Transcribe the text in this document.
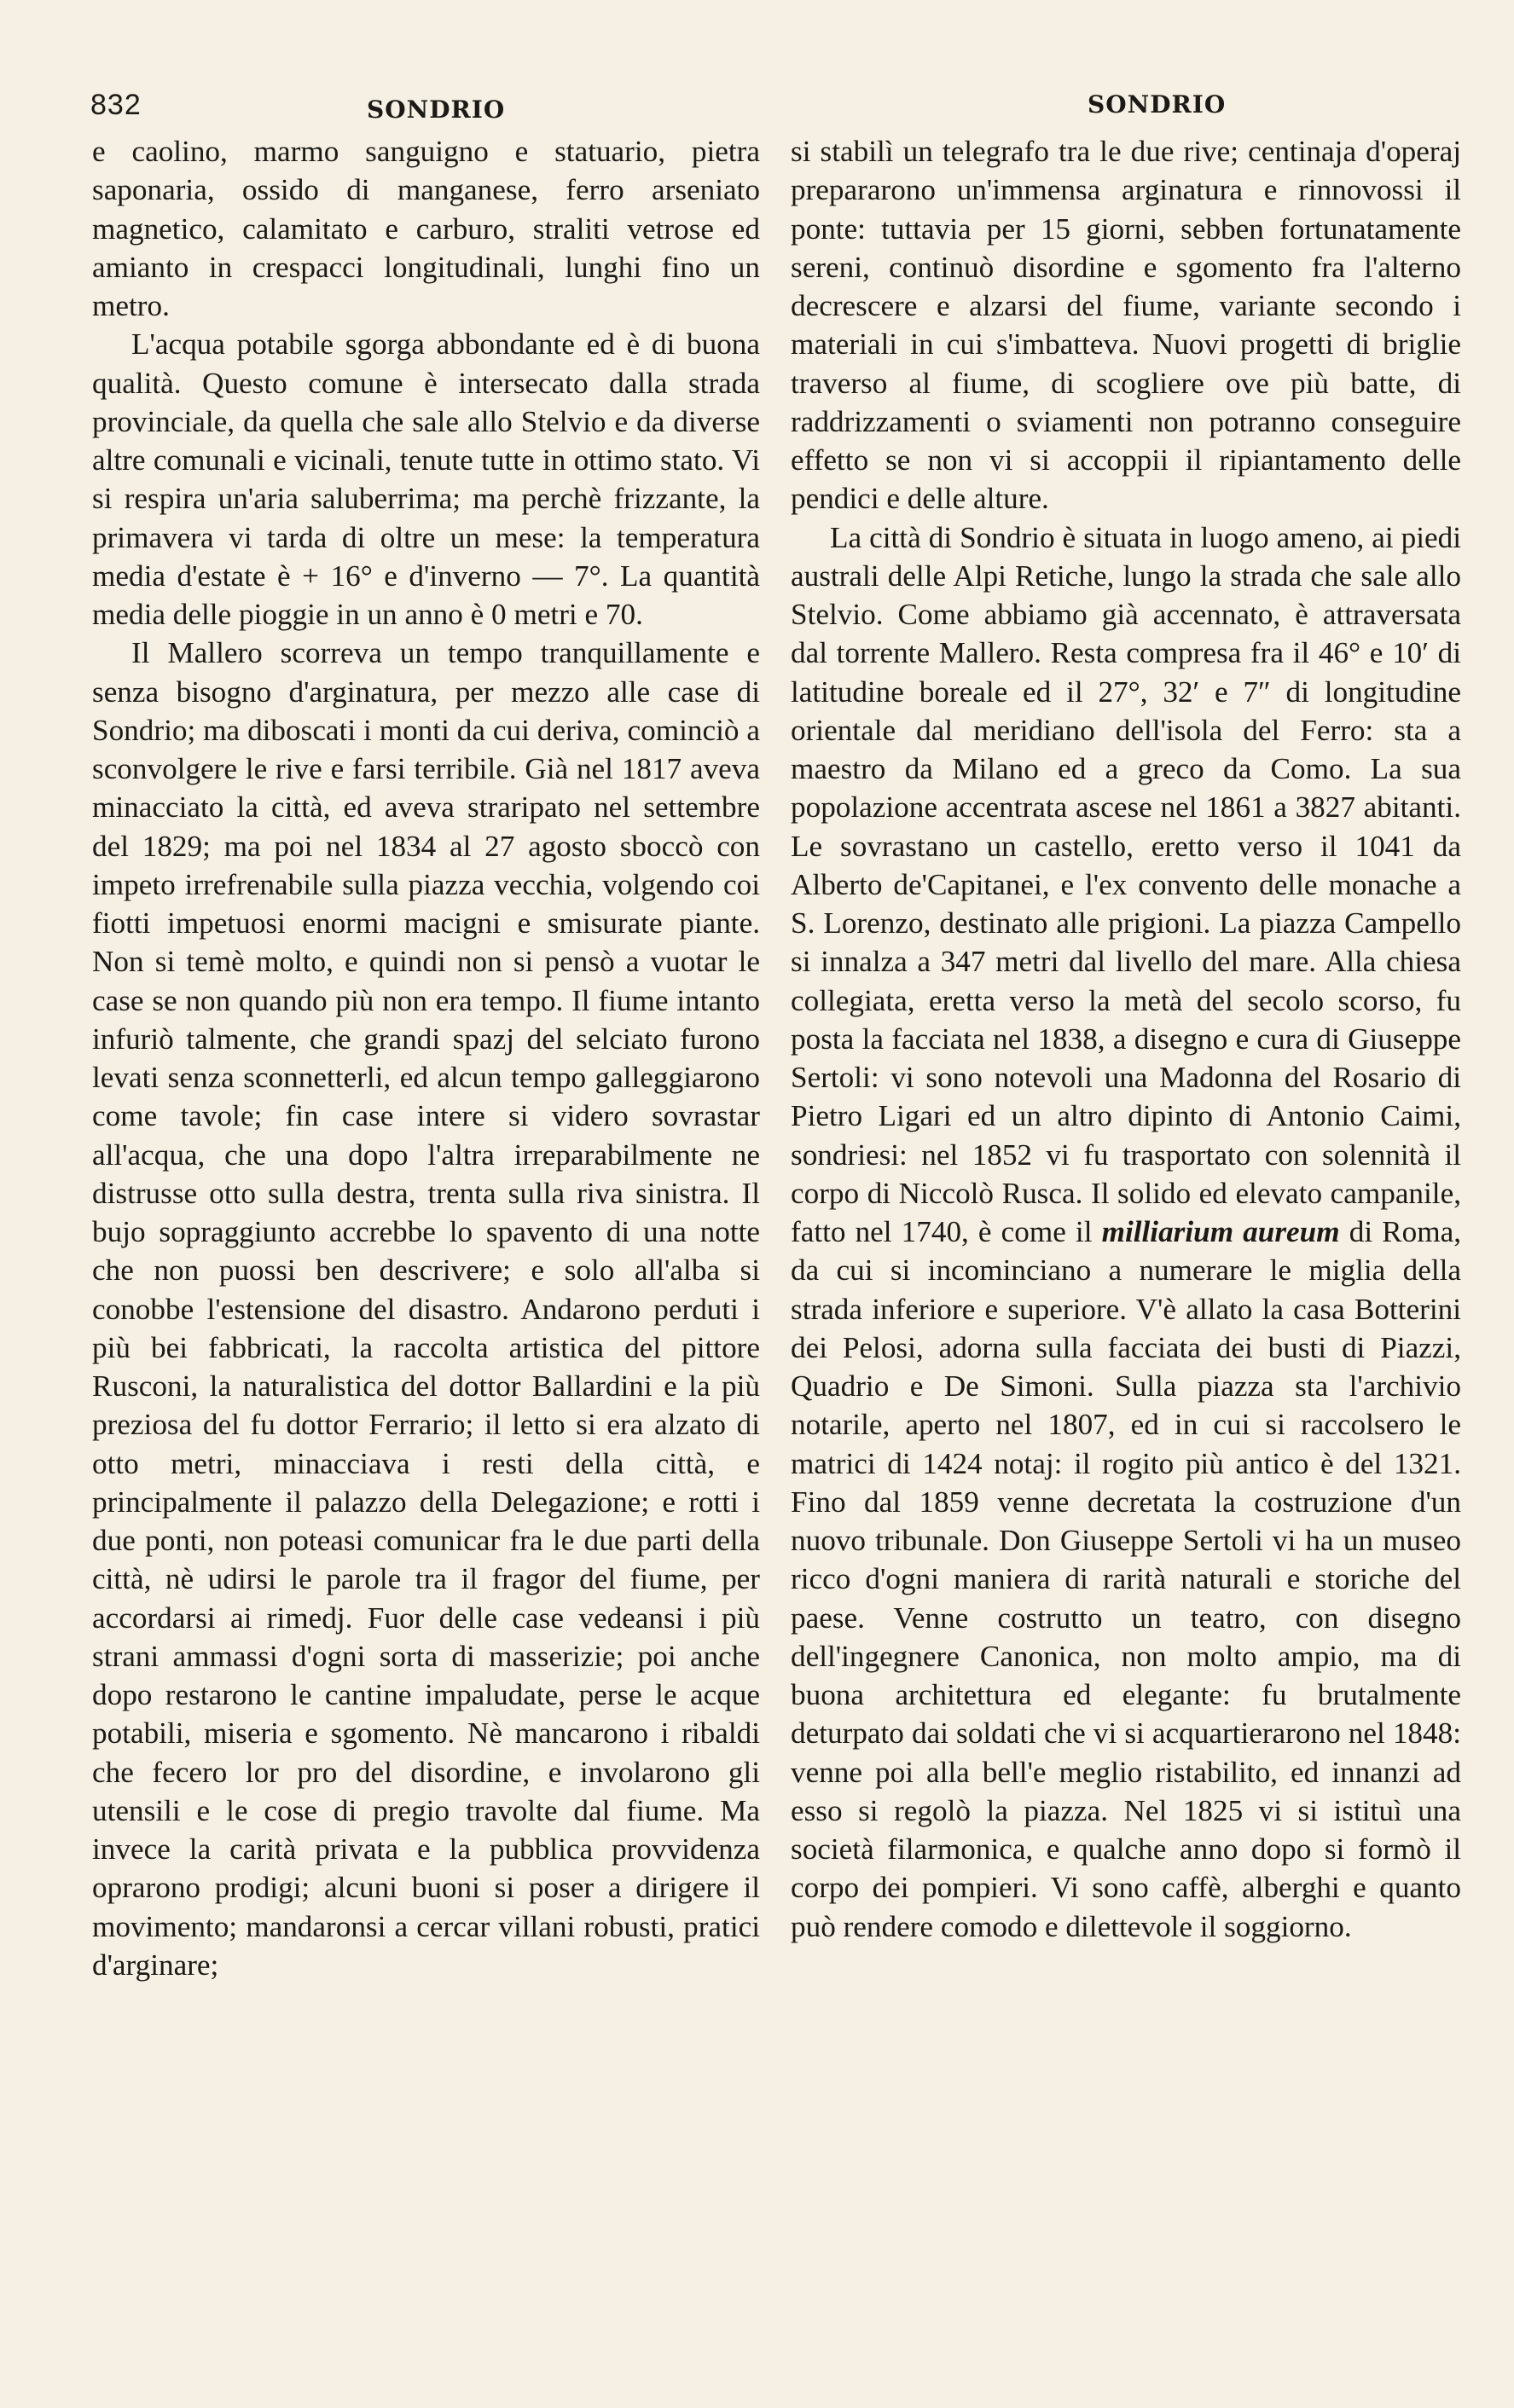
832	SONDRIO	SONDRIO

e caolino, marmo sanguigno e statuario, pietra saponaria, ossido di manganese, ferro arseniato magnetico, calamitato e carburo, straliti vetrose ed amianto in crespacci longitudinali, lunghi fino un metro.

L'acqua potabile sgorga abbondante ed è di buona qualità. Questo comune è intersecato dalla strada provinciale, da quella che sale allo Stelvio e da diverse altre comunali e vicinali, tenute tutte in ottimo stato. Vi si respira un'aria saluberrima; ma perchè frizzante, la primavera vi tarda di oltre un mese: la temperatura media d'estate è + 16° e d'inverno — 7°. La quantità media delle pioggie in un anno è 0 metri e 70.

Il Mallero scorreva un tempo tranquillamente e senza bisogno d'arginatura, per mezzo alle case di Sondrio; ma diboscati i monti da cui deriva, cominciò a sconvolgere le rive e farsi terribile. Già nel 1817 aveva minacciato la città, ed aveva straripato nel settembre del 1829; ma poi nel 1834 al 27 agosto sboccò con impeto irrefrenabile sulla piazza vecchia, volgendo coi fiotti impetuosi enormi macigni e smisurate piante. Non si temè molto, e quindi non si pensò a vuotar le case se non quando più non era tempo. Il fiume intanto infuriò talmente, che grandi spazj del selciato furono levati senza sconnetterli, ed alcun tempo galleggiarono come tavole; fin case intere si videro sovrastar all'acqua, che una dopo l'altra irreparabilmente ne distrusse otto sulla destra, trenta sulla riva sinistra. Il bujo sopraggiunto accrebbe lo spavento di una notte che non puossi ben descrivere; e solo all'alba si conobbe l'estensione del disastro. Andarono perduti i più bei fabbricati, la raccolta artistica del pittore Rusconi, la naturalistica del dottor Ballardini e la più preziosa del fu dottor Ferrario; il letto si era alzato di otto metri, minacciava i resti della città, e principalmente il palazzo della Delegazione; e rotti i due ponti, non poteasi comunicar fra le due parti della città, nè udirsi le parole tra il fragor del fiume, per accordarsi ai rimedj. Fuor delle case vedeansi i più strani ammassi d'ogni sorta di masserizie; poi anche dopo restarono le cantine impaludate, perse le acque potabili, miseria e sgomento. Nè mancarono i ribaldi che fecero lor pro del disordine, e involarono gli utensili e le cose di pregio travolte dal fiume. Ma invece la carità privata e la pubblica provvidenza oprarono prodigi; alcuni buoni si poser a dirigere il movimento; mandaronsi a cercar villani robusti, pratici d'arginare;

si stabilì un telegrafo tra le due rive; centinaja d'operaj prepararono un'immensa arginatura e rinnovossi il ponte: tuttavia per 15 giorni, sebben fortunatamente sereni, continuò disordine e sgomento fra l'alterno decrescere e alzarsi del fiume, variante secondo i materiali in cui s'imbatteva. Nuovi progetti di briglie traverso al fiume, di scogliere ove più batte, di raddrizzamenti o sviamenti non potranno conseguire effetto se non vi si accoppii il ripiantamento delle pendici e delle alture.

La città di Sondrio è situata in luogo ameno, ai piedi australi delle Alpi Retiche, lungo la strada che sale allo Stelvio. Come abbiamo già accennato, è attraversata dal torrente Mallero. Resta compresa fra il 46° e 10′ di latitudine boreale ed il 27°, 32′ e 7″ di longitudine orientale dal meridiano dell'isola del Ferro: sta a maestro da Milano ed a greco da Como. La sua popolazione accentrata ascese nel 1861 a 3827 abitanti. Le sovrastano un castello, eretto verso il 1041 da Alberto de'Capitanei, e l'ex convento delle monache a S. Lorenzo, destinato alle prigioni. La piazza Campello si innalza a 347 metri dal livello del mare. Alla chiesa collegiata, eretta verso la metà del secolo scorso, fu posta la facciata nel 1838, a disegno e cura di Giuseppe Sertoli: vi sono notevoli una Madonna del Rosario di Pietro Ligari ed un altro dipinto di Antonio Caimi, sondriesi: nel 1852 vi fu trasportato con solennità il corpo di Niccolò Rusca. Il solido ed elevato campanile, fatto nel 1740, è come il milliarium aureum di Roma, da cui si incominciano a numerare le miglia della strada inferiore e superiore. V'è allato la casa Botterini dei Pelosi, adorna sulla facciata dei busti di Piazzi, Quadrio e De Simoni. Sulla piazza sta l'archivio notarile, aperto nel 1807, ed in cui si raccolsero le matrici di 1424 notaj: il rogito più antico è del 1321. Fino dal 1859 venne decretata la costruzione d'un nuovo tribunale. Don Giuseppe Sertoli vi ha un museo ricco d'ogni maniera di rarità naturali e storiche del paese. Venne costrutto un teatro, con disegno dell'ingegnere Canonica, non molto ampio, ma di buona architettura ed elegante: fu brutalmente deturpato dai soldati che vi si acquartierarono nel 1848: venne poi alla bell'e meglio ristabilito, ed innanzi ad esso si regolò la piazza. Nel 1825 vi si istituì una società filarmonica, e qualche anno dopo si formò il corpo dei pompieri. Vi sono caffè, alberghi e quanto può rendere comodo e dilettevole il soggiorno.
